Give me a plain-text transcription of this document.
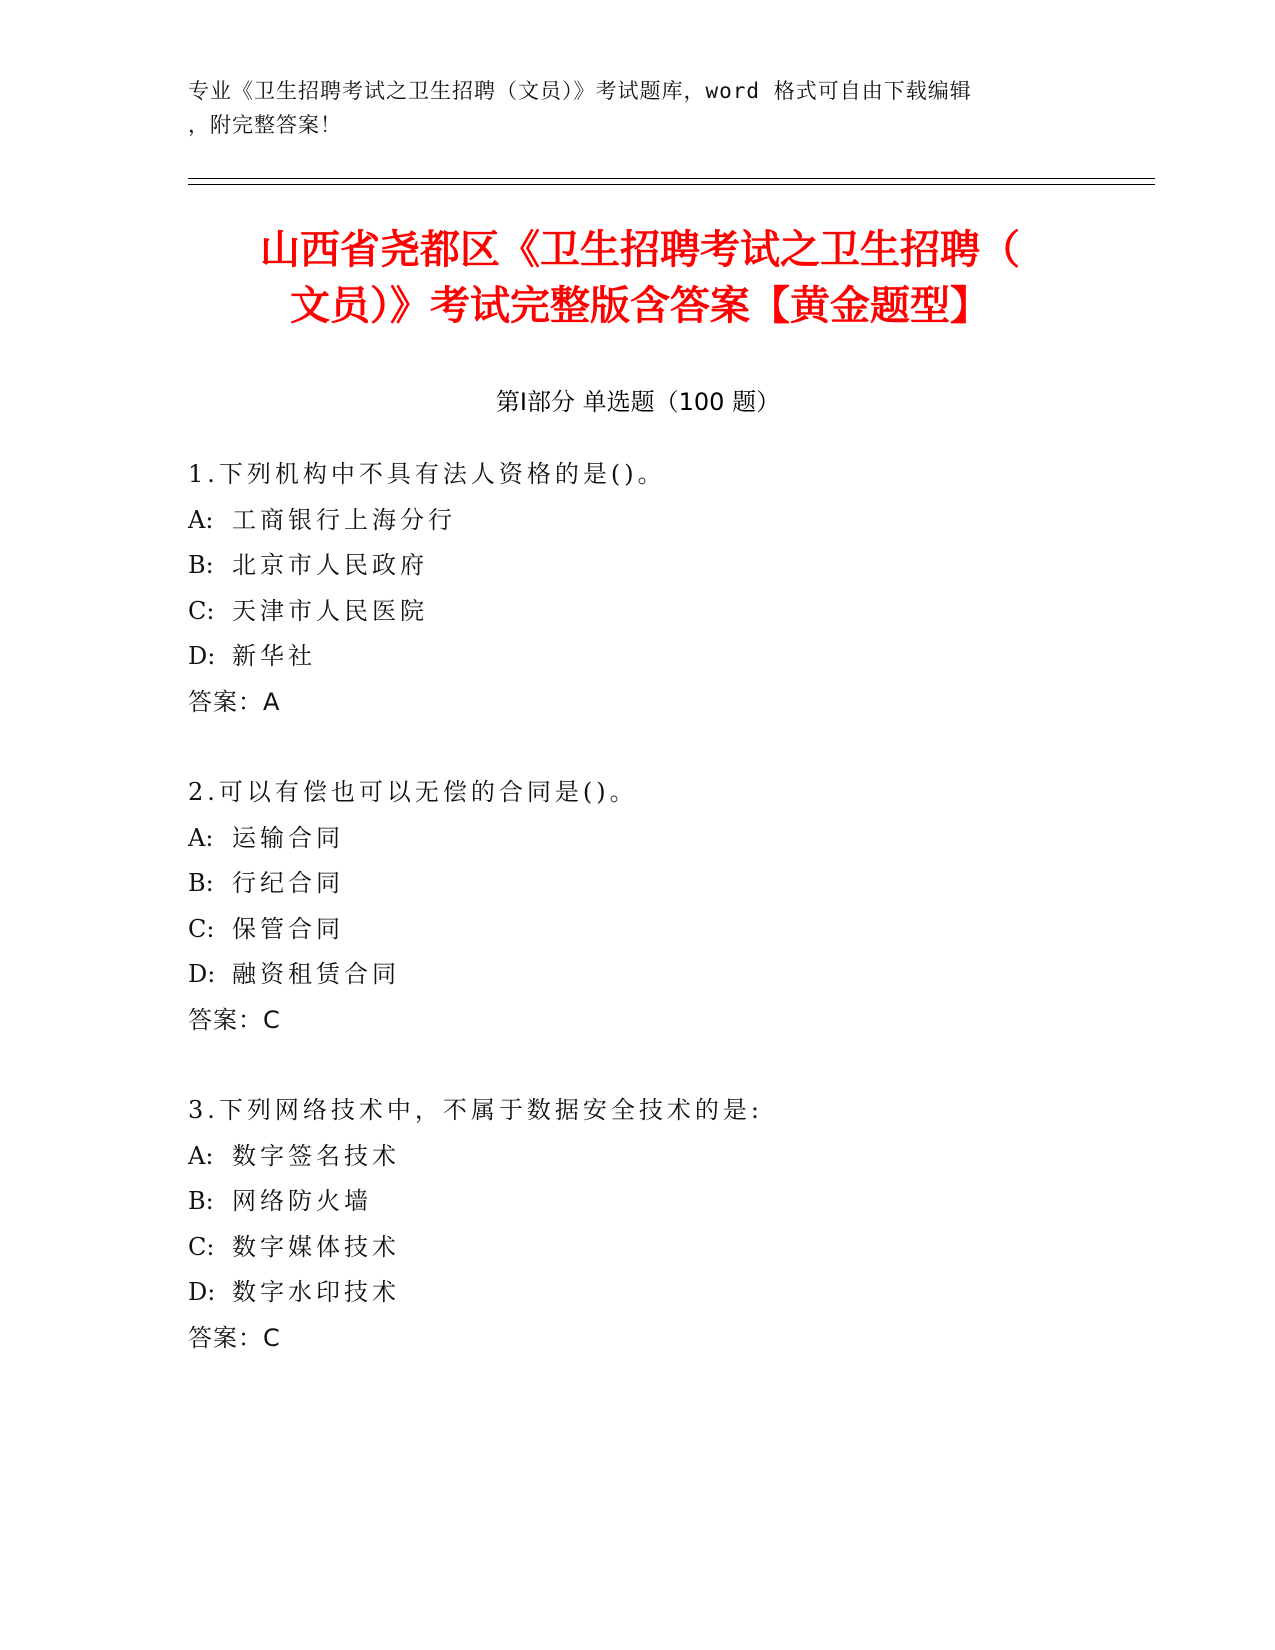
专业《卫生招聘考试之卫生招聘（文员）》考试题库，word 格式可自由下载编辑
，附完整答案！
山西省尧都区《卫生招聘考试之卫生招聘（
文员）》考试完整版含答案【黄金题型】
第Ⅰ部分 单选题（100 题）
1.下列机构中不具有法人资格的是()。
A: 工商银行上海分行
B: 北京市人民政府
C: 天津市人民医院
D: 新华社
答案：A
2.可以有偿也可以无偿的合同是()。
A: 运输合同
B: 行纪合同
C: 保管合同
D: 融资租赁合同
答案：C
3.下列网络技术中，不属于数据安全技术的是:
A: 数字签名技术
B: 网络防火墙
C: 数字媒体技术
D: 数字水印技术
答案：C
